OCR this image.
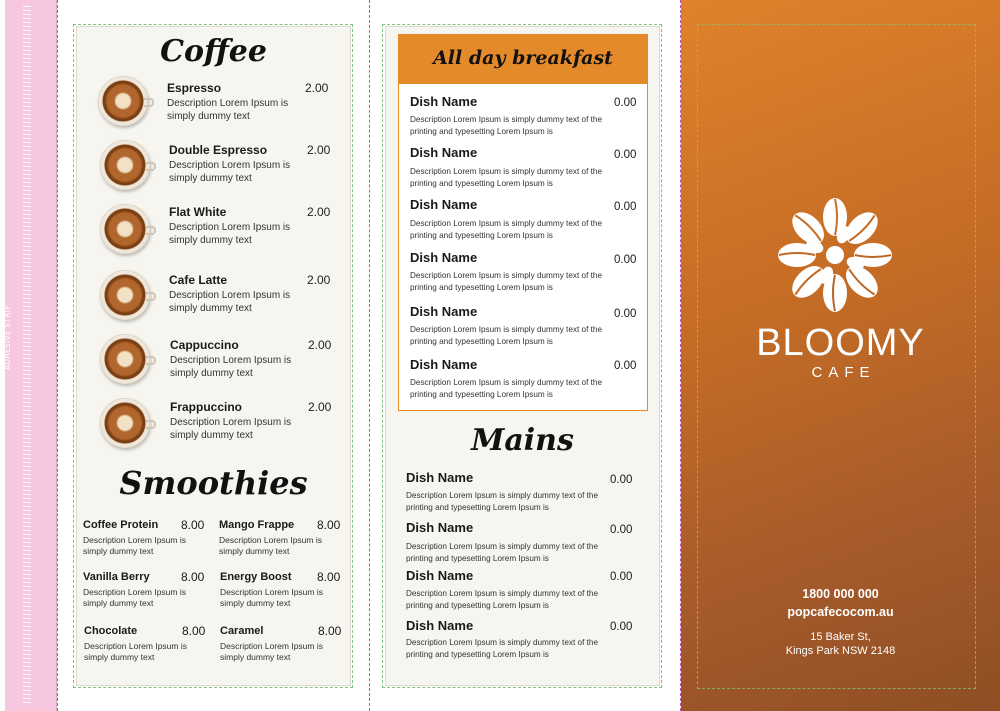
ADHESIVE STRIP
Coffee
Espresso	2.00
Description Lorem Ipsum is simply dummy text
Double Espresso	2.00
Description Lorem Ipsum is simply dummy text
Flat White	2.00
Description Lorem Ipsum is simply dummy text
Cafe Latte	2.00
Description Lorem Ipsum is simply dummy text
Cappuccino	2.00
Description Lorem Ipsum is simply dummy text
Frappuccino	2.00
Description Lorem Ipsum is simply dummy text
Smoothies
Coffee Protein 8.00
Description Lorem Ipsum is simply dummy text
Mango Frappe 8.00
Description Lorem Ipsum is simply dummy text
Vanilla Berry	8.00
Description Lorem Ipsum is simply dummy text
Energy Boost 8.00
Description Lorem Ipsum is simply dummy text
Chocolate	8.00
Description Lorem Ipsum is simply dummy text
Caramel	8.00
Description Lorem Ipsum is simply dummy text
All day breakfast
Dish Name	0.00
Description Lorem Ipsum is simply dummy text of the printing and typesetting Lorem Ipsum is
Dish Name	0.00
Description Lorem Ipsum is simply dummy text of the printing and typesetting Lorem Ipsum is
Dish Name	0.00
Description Lorem Ipsum is simply dummy text of the printing and typesetting Lorem Ipsum is
Dish Name	0.00
Description Lorem Ipsum is simply dummy text of the printing and typesetting Lorem Ipsum is
Dish Name	0.00
Description Lorem Ipsum is simply dummy text of the printing and typesetting Lorem Ipsum is
Dish Name	0.00
Description Lorem Ipsum is simply dummy text of the printing and typesetting Lorem Ipsum is
Mains
Dish Name	0.00
Description Lorem Ipsum is simply dummy text of the printing and typesetting Lorem Ipsum is
Dish Name	0.00
Description Lorem Ipsum is simply dummy text of the printing and typesetting Lorem Ipsum is
Dish Name	0.00
Description Lorem Ipsum is simply dummy text of the printing and typesetting Lorem Ipsum is
Dish Name	0.00
Description Lorem Ipsum is simply dummy text of the printing and typesetting Lorem Ipsum is
BLOOMY
CAFE
1800 000 000
popcafecocom.au
15 Baker St,
Kings Park NSW 2148
